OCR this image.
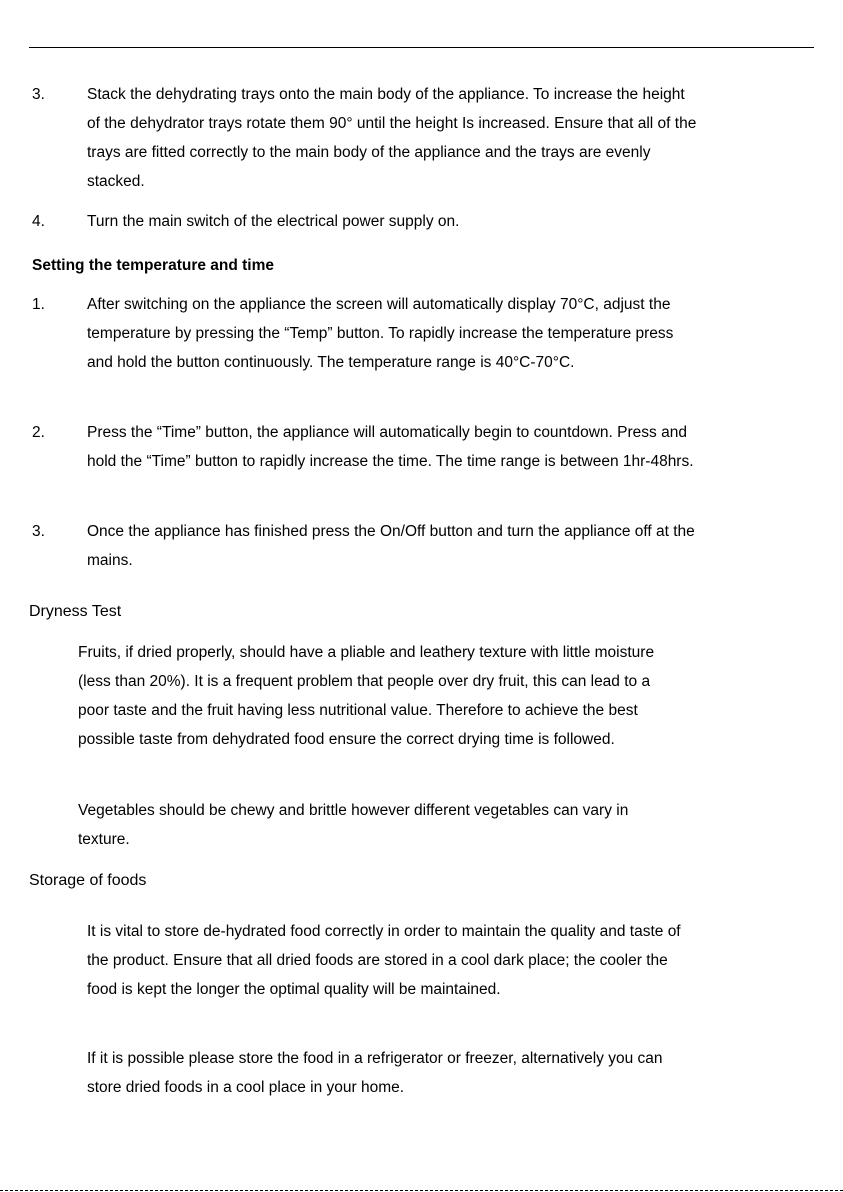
3.	Stack the dehydrating trays onto the main body of the appliance. To increase the height of the dehydrator trays rotate them 90° until the height Is increased. Ensure that all of the trays are fitted correctly to the main body of the appliance and the trays are evenly stacked.
4.	Turn the main switch of the electrical power supply on.
Setting the temperature and time
1.	After switching on the appliance the screen will automatically display 70°C, adjust the temperature by pressing the “Temp” button. To rapidly increase the temperature press and hold the button continuously. The temperature range is 40°C-70°C.
2.	Press the “Time” button, the appliance will automatically begin to countdown. Press and hold the “Time” button to rapidly increase the time. The time range is between 1hr-48hrs.
3.	Once the appliance has finished press the On/Off button and turn the appliance off at the mains.
Dryness Test
Fruits, if dried properly, should have a pliable and leathery texture with little moisture (less than 20%). It is a frequent problem that people over dry fruit, this can lead to a poor taste and the fruit having less nutritional value. Therefore to achieve the best possible taste from dehydrated food ensure the correct drying time is followed.
Vegetables should be chewy and brittle however different vegetables can vary in texture.
Storage of foods
It is vital to store de-hydrated food correctly in order to maintain the quality and taste of the product. Ensure that all dried foods are stored in a cool dark place; the cooler the food is kept the longer the optimal quality will be maintained.
If it is possible please store the food in a refrigerator or freezer, alternatively you can store dried foods in a cool place in your home.
